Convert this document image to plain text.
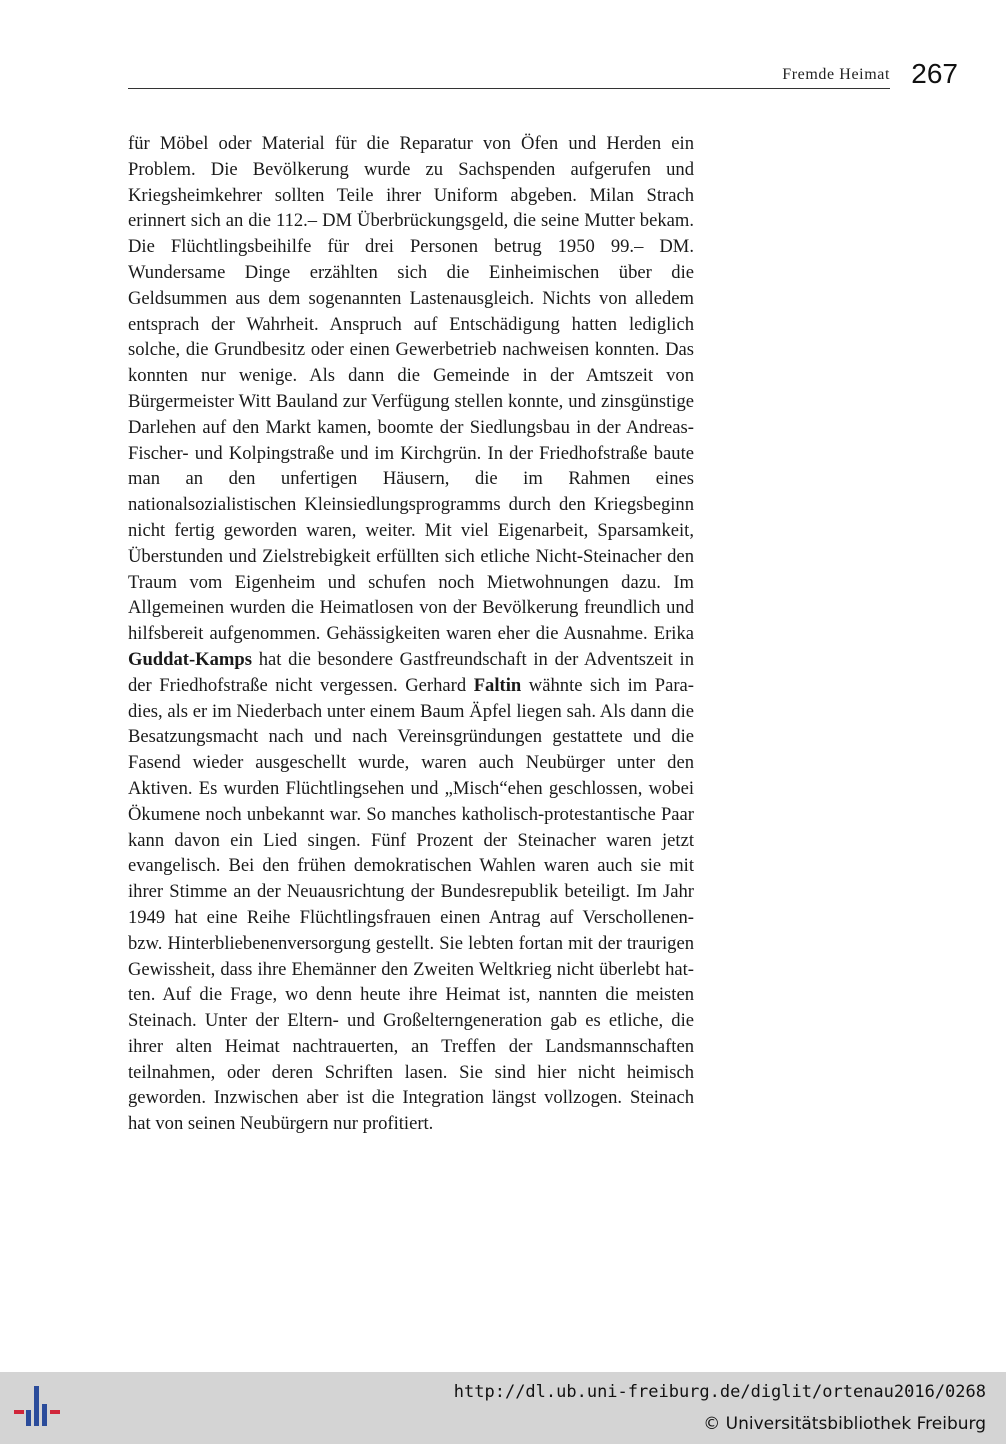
Fremde Heimat 267

für Möbel oder Material für die Reparatur von Öfen und Herden ein Problem. Die Bevölkerung wurde zu Sachspenden aufgerufen und Kriegsheimkehrer sollten Teile ihrer Uniform abgeben. Milan Strach erinnert sich an die 112.– DM Überbrückungsgeld, die seine Mutter bekam. Die Flüchtlingsbeihilfe für drei Personen betrug 1950 99.– DM. Wundersame Dinge erzählten sich die Einheimischen über die Geldsummen aus dem sogenannten Lastenausgleich. Nichts von alledem entsprach der Wahrheit. Anspruch auf Entschädigung hatten lediglich solche, die Grundbesitz oder einen Gewerbetrieb nachweisen konnten. Das konnten nur wenige. Als dann die Gemeinde in der Amtszeit von Bürgermeister Witt Bauland zur Verfügung stellen konnte, und zinsgünstige Darlehen auf den Markt kamen, boomte der Siedlungsbau in der Andreas-Fischer- und Kolpingstraße und im Kirchgrün. In der Friedhofstraße baute man an den unfertigen Häusern, die im Rahmen eines nationalsozialistischen Kleinsiedlungsprogramms durch den Kriegsbeginn nicht fertig geworden waren, weiter. Mit viel Eigenarbeit, Sparsamkeit, Überstunden und Zielstrebigkeit erfüllten sich etliche Nicht-Steinacher den Traum vom Eigenheim und schufen noch Mietwohnungen dazu. Im Allgemeinen wurden die Heimatlosen von der Bevölkerung freundlich und hilfsbereit aufgenommen. Gehässigkeiten waren eher die Ausnahme. Erika Guddat-Kamps hat die besondere Gastfreundschaft in der Adventszeit in der Friedhofstraße nicht vergessen. Gerhard Faltin wähnte sich im Paradies, als er im Niederbach unter einem Baum Äpfel liegen sah. Als dann die Besatzungsmacht nach und nach Vereinsgründungen gestattete und die Fasend wieder ausgeschellt wurde, waren auch Neubürger unter den Aktiven. Es wurden Flüchtlingsehen und „Misch“ehen geschlossen, wobei Ökumene noch unbekannt war. So manches katholisch-protestantische Paar kann davon ein Lied singen. Fünf Prozent der Steinacher waren jetzt evangelisch. Bei den frühen demokratischen Wahlen waren auch sie mit ihrer Stimme an der Neuausrichtung der Bundesrepublik beteiligt. Im Jahr 1949 hat eine Reihe Flüchtlingsfrauen einen Antrag auf Verschollenen- bzw. Hinterbliebenenversorgung gestellt. Sie lebten fortan mit der traurigen Gewissheit, dass ihre Ehemänner den Zweiten Weltkrieg nicht überlebt hatten. Auf die Frage, wo denn heute ihre Heimat ist, nannten die meisten Steinach. Unter der Eltern- und Großelterngeneration gab es etliche, die ihrer alten Heimat nachtrauerten, an Treffen der Landsmannschaften teilnahmen, oder deren Schriften lasen. Sie sind hier nicht heimisch geworden. Inzwischen aber ist die Integration längst vollzogen. Steinach hat von seinen Neubürgern nur profitiert.

http://dl.ub.uni-freiburg.de/diglit/ortenau2016/0268
© Universitätsbibliothek Freiburg
